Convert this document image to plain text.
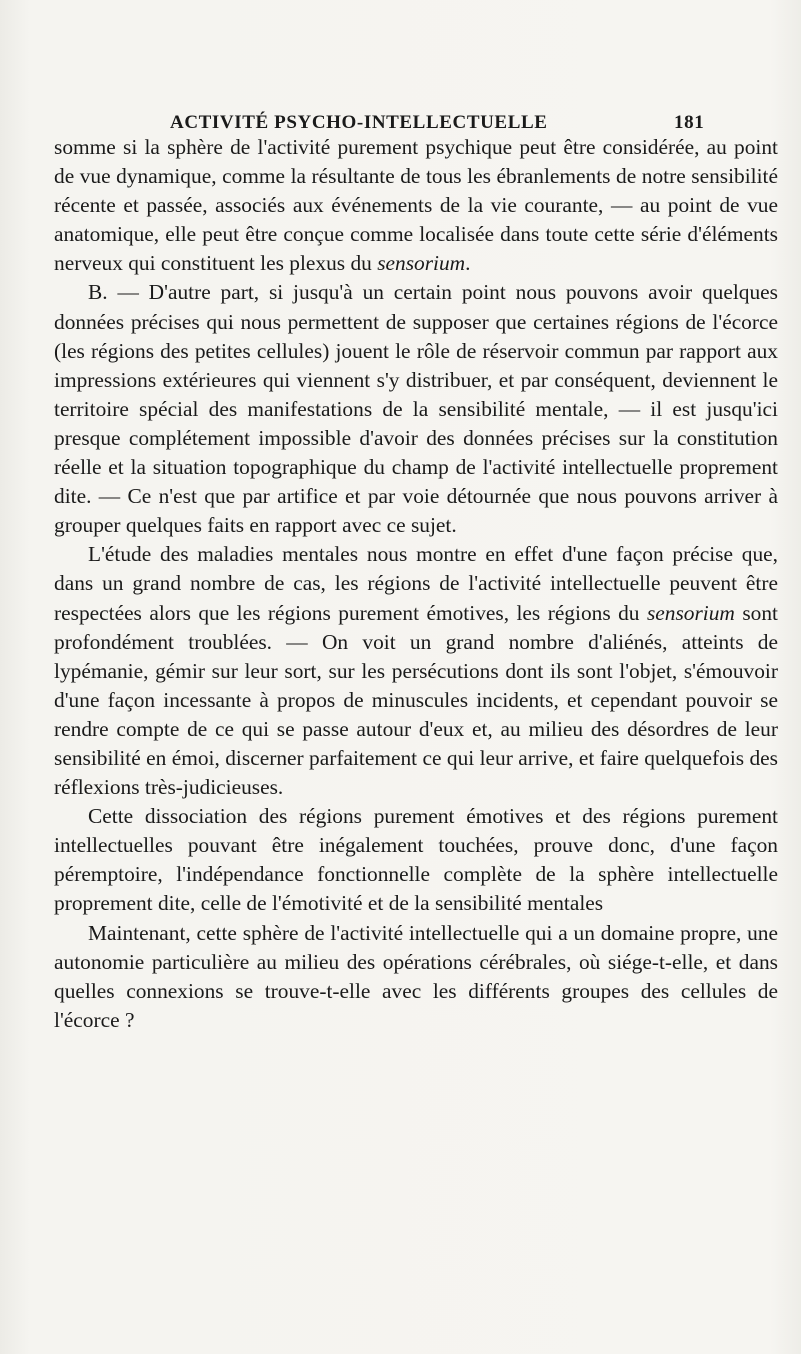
ACTIVITÉ PSYCHO-INTELLECTUELLE	181

somme si la sphère de l'activité purement psychique peut être considérée, au point de vue dynamique, comme la résultante de tous les ébranlements de notre sensibilité récente et passée, associés aux événements de la vie courante, — au point de vue anatomique, elle peut être conçue comme localisée dans toute cette série d'éléments nerveux qui constituent les plexus du sensorium.

B. — D'autre part, si jusqu'à un certain point nous pouvons avoir quelques données précises qui nous permettent de supposer que certaines régions de l'écorce (les régions des petites cellules) jouent le rôle de réservoir commun par rapport aux impressions extérieures qui viennent s'y distribuer, et par conséquent, deviennent le territoire spécial des manifestations de la sensibilité mentale, — il est jusqu'ici presque complétement impossible d'avoir des données précises sur la constitution réelle et la situation topographique du champ de l'activité intellectuelle proprement dite. — Ce n'est que par artifice et par voie détournée que nous pouvons arriver à grouper quelques faits en rapport avec ce sujet.

L'étude des maladies mentales nous montre en effet d'une façon précise que, dans un grand nombre de cas, les régions de l'activité intellectuelle peuvent être respectées alors que les régions purement émotives, les régions du sensorium sont profondément troublées. — On voit un grand nombre d'aliénés, atteints de lypémanie, gémir sur leur sort, sur les persécutions dont ils sont l'objet, s'émouvoir d'une façon incessante à propos de minuscules incidents, et cependant pouvoir se rendre compte de ce qui se passe autour d'eux et, au milieu des désordres de leur sensibilité en émoi, discerner parfaitement ce qui leur arrive, et faire quelquefois des réflexions très-judicieuses.

Cette dissociation des régions purement émotives et des régions purement intellectuelles pouvant être inégalement touchées, prouve donc, d'une façon péremptoire, l'indépendance fonctionnelle complète de la sphère intellectuelle proprement dite, celle de l'émotivité et de la sensibilité mentales

Maintenant, cette sphère de l'activité intellectuelle qui a un domaine propre, une autonomie particulière au milieu des opérations cérébrales, où siége-t-elle, et dans quelles connexions se trouve-t-elle avec les différents groupes des cellules de l'écorce ?
